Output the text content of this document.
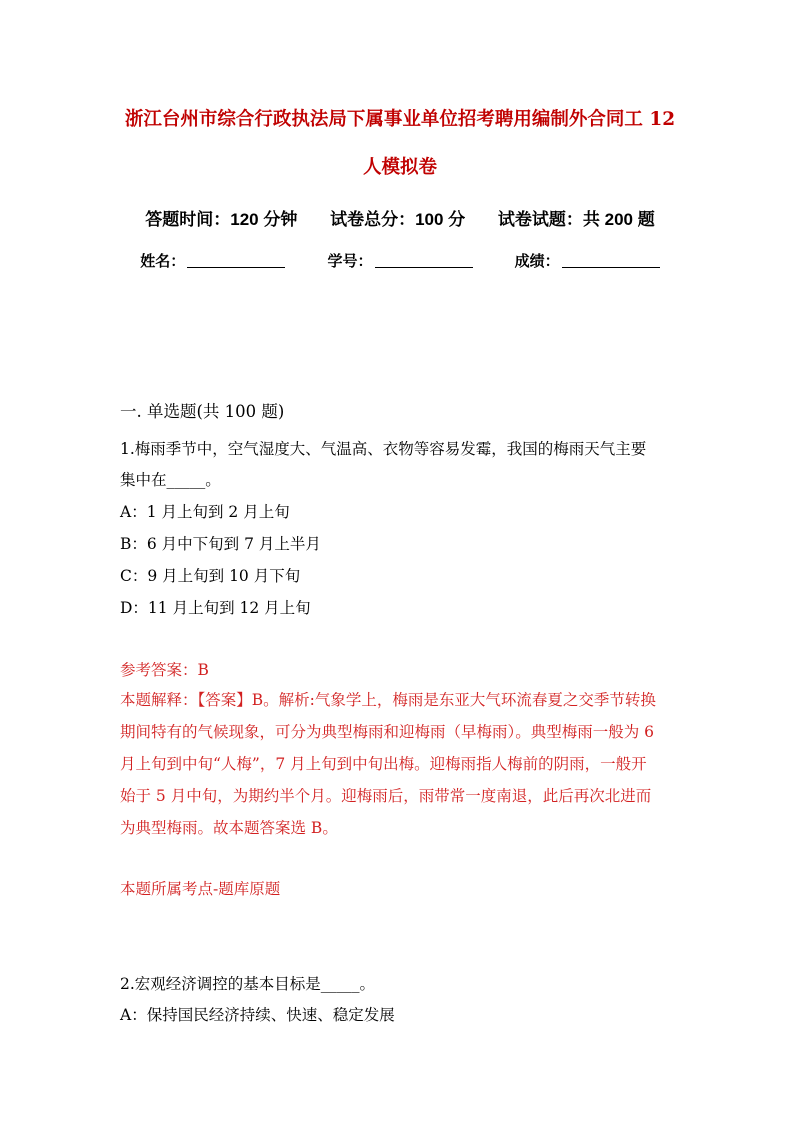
浙江台州市综合行政执法局下属事业单位招考聘用编制外合同工 12
人模拟卷
答题时间：120 分钟 试卷总分：100 分 试卷试题：共 200 题
姓名：	学号：	成绩：
一. 单选题(共 100 题)
1.梅雨季节中，空气湿度大、气温高、衣物等容易发霉，我国的梅雨天气主要
集中在_____。
A：1 月上旬到 2 月上旬
B：6 月中下旬到 7 月上半月
C：9 月上旬到 10 月下旬
D：11 月上旬到 12 月上旬
参考答案：B
本题解释：【答案】B。解析:气象学上，梅雨是东亚大气环流春夏之交季节转换
期间特有的气候现象，可分为典型梅雨和迎梅雨（早梅雨）。典型梅雨一般为 6
月上旬到中旬“人梅”，7 月上旬到中旬出梅。迎梅雨指人梅前的阴雨，一般开
始于 5 月中旬，为期约半个月。迎梅雨后，雨带常一度南退，此后再次北进而
为典型梅雨。故本题答案选 B。
本题所属考点-题库原题
2.宏观经济调控的基本目标是_____。
A：保持国民经济持续、快速、稳定发展
